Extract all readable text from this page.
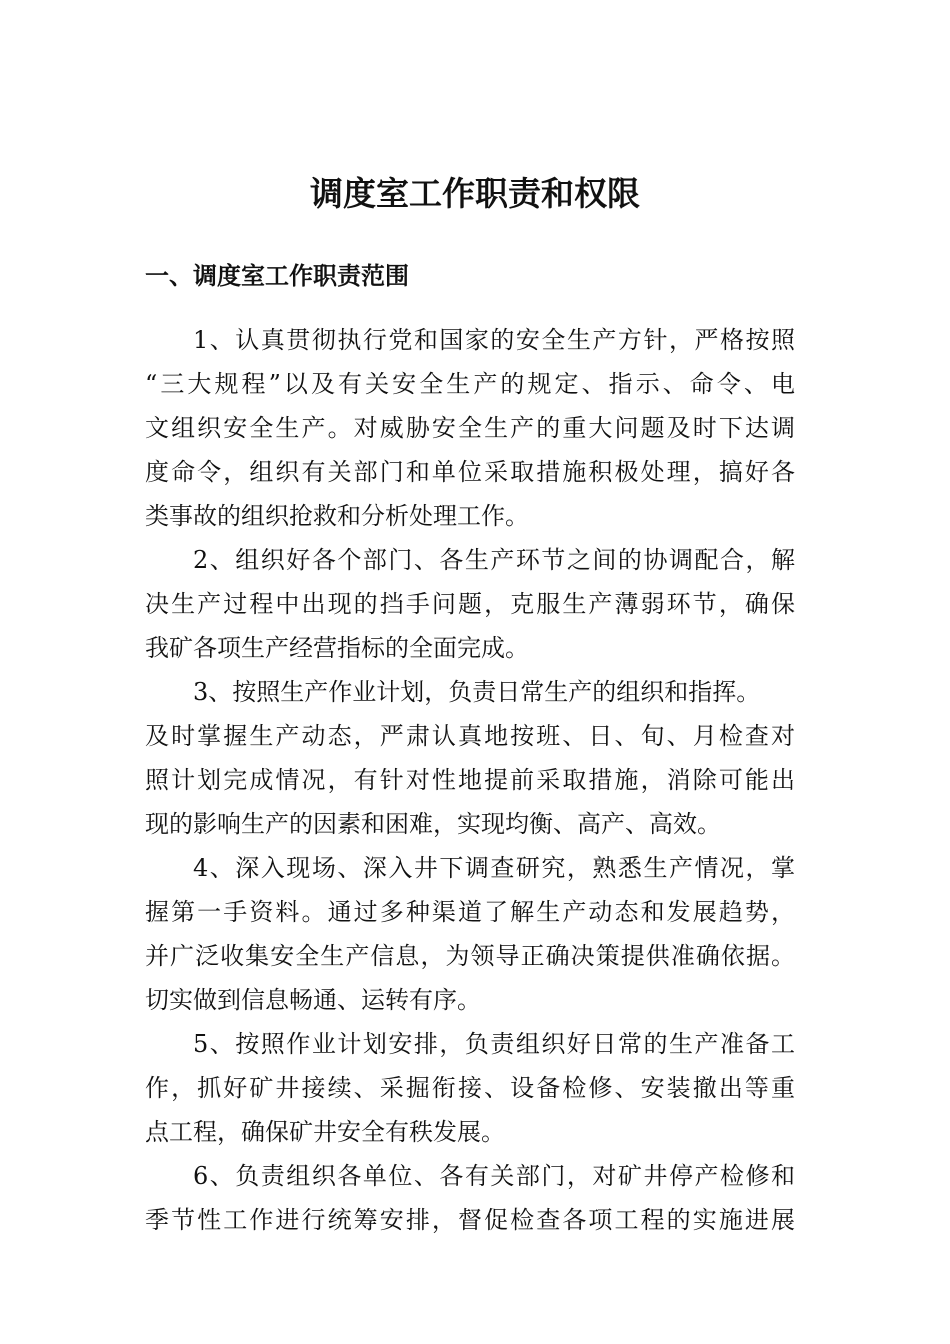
调度室工作职责和权限
一、调度室工作职责范围
1、认真贯彻执行党和国家的安全生产方针，严格按照
“三大规程”以及有关安全生产的规定、指示、命令、电
文组织安全生产。对威胁安全生产的重大问题及时下达调
度命令，组织有关部门和单位采取措施积极处理，搞好各
类事故的组织抢救和分析处理工作。
2、组织好各个部门、各生产环节之间的协调配合，解
决生产过程中出现的挡手问题，克服生产薄弱环节，确保
我矿各项生产经营指标的全面完成。
3、按照生产作业计划，负责日常生产的组织和指挥。
及时掌握生产动态，严肃认真地按班、日、旬、月检查对
照计划完成情况，有针对性地提前采取措施，消除可能出
现的影响生产的因素和困难，实现均衡、高产、高效。
4、深入现场、深入井下调查研究，熟悉生产情况，掌
握第一手资料。通过多种渠道了解生产动态和发展趋势，
并广泛收集安全生产信息，为领导正确决策提供准确依据。
切实做到信息畅通、运转有序。
5、按照作业计划安排，负责组织好日常的生产准备工
作，抓好矿井接续、采掘衔接、设备检修、安装撤出等重
点工程，确保矿井安全有秩发展。
6、负责组织各单位、各有关部门，对矿井停产检修和
季节性工作进行统筹安排，督促检查各项工程的实施进展
